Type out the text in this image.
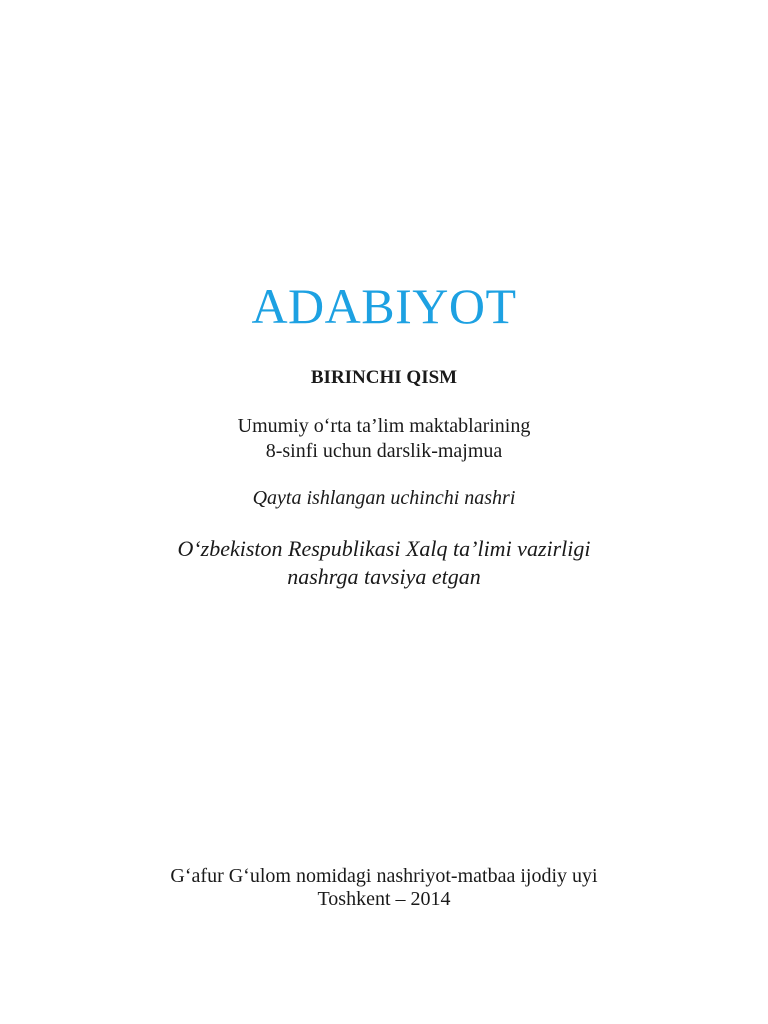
ADABIYOT
BIRINCHI QISM
Umumiy o‘rta ta’lim maktablarining
8-sinfi uchun darslik-majmua
Qayta ishlangan uchinchi nashri
O‘zbekiston Respublikasi Xalq ta’limi vazirligi
nashrga tavsiya etgan
G‘afur G‘ulom nomidagi nashriyot-matbaa ijodiy uyi
Toshkent – 2014
